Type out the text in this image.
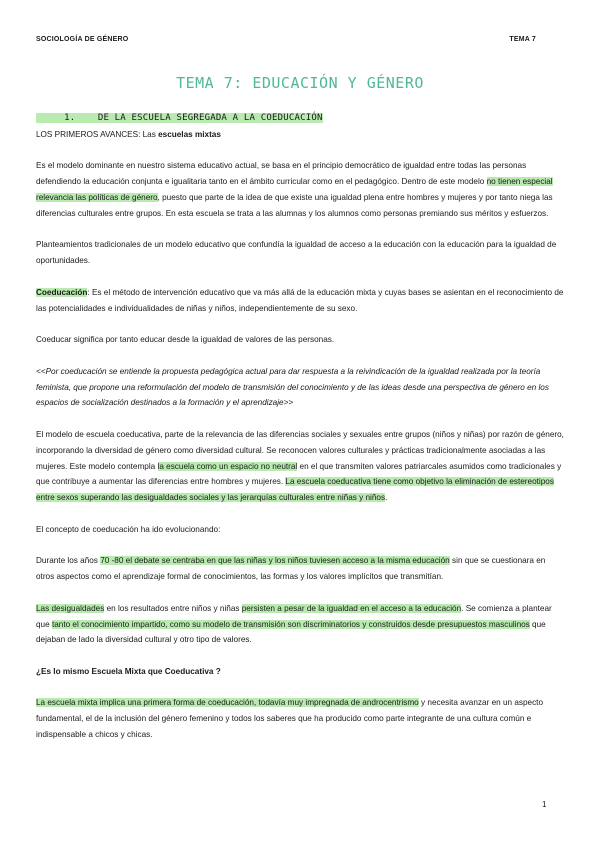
SOCIOLOGÍA DE GÉNERO	TEMA 7
TEMA 7: EDUCACIÓN Y GÉNERO

1. DE LA ESCUELA SEGREGADA A LA COEDUCACIÓN

LOS PRIMEROS AVANCES: Las escuelas mixtas

Es el modelo dominante en nuestro sistema educativo actual, se basa en el principio democrático de igualdad entre todas las personas defendiendo la educación conjunta e igualitaria tanto en el ámbito curricular como en el pedagógico. Dentro de este modelo no tienen especial relevancia las políticas de género, puesto que parte de la idea de que existe una igualdad plena entre hombres y mujeres y por tanto niega las diferencias culturales entre grupos. En esta escuela se trata a las alumnas y los alumnos como personas premiando sus méritos y esfuerzos.

Planteamientos tradicionales de un modelo educativo que confundía la igualdad de acceso a la educación con la educación para la igualdad de oportunidades.

Coeducación: Es el método de intervención educativo que va más allá de la educación mixta y cuyas bases se asientan en el reconocimiento de las potencialidades e individualidades de niñas y niños, independientemente de su sexo.

Coeducar significa por tanto educar desde la igualdad de valores de las personas.

<<Por coeducación se entiende la propuesta pedagógica actual para dar respuesta a la reivindicación de la igualdad realizada por la teoría feminista, que propone una reformulación del modelo de transmisión del conocimiento y de las ideas desde una perspectiva de género en los espacios de socialización destinados a la formación y el aprendizaje>>

El modelo de escuela coeducativa, parte de la relevancia de las diferencias sociales y sexuales entre grupos (niños y niñas) por razón de género, incorporando la diversidad de género como diversidad cultural. Se reconocen valores culturales y prácticas tradicionalmente asociadas a las mujeres. Este modelo contempla la escuela como un espacio no neutral en el que transmiten valores patriarcales asumidos como tradicionales y que contribuye a aumentar las diferencias entre hombres y mujeres. La escuela coeducativa tiene como objetivo la eliminación de estereotipos entre sexos superando las desigualdades sociales y las jerarquías culturales entre niñas y niños.

El concepto de coeducación ha ido evolucionando:

Durante los años 70 -80 el debate se centraba en que las niñas y los niños tuviesen acceso a la misma educación sin que se cuestionara en otros aspectos como el aprendizaje formal de conocimientos, las formas y los valores implícitos que transmitían.

Las desigualdades en los resultados entre niños y niñas persisten a pesar de la igualdad en el acceso a la educación. Se comienza a plantear que tanto el conocimiento impartido, como su modelo de transmisión son discriminatorios y construidos desde presupuestos masculinos que dejaban de lado la diversidad cultural y otro tipo de valores.

¿Es lo mismo Escuela Mixta que Coeducativa ?

La escuela mixta implica una primera forma de coeducación, todavía muy impregnada de androcentrismo y necesita avanzar en un aspecto fundamental, el de la inclusión del género femenino y todos los saberes que ha producido como parte integrante de una cultura común e indispensable a chicos y chicas.

1
